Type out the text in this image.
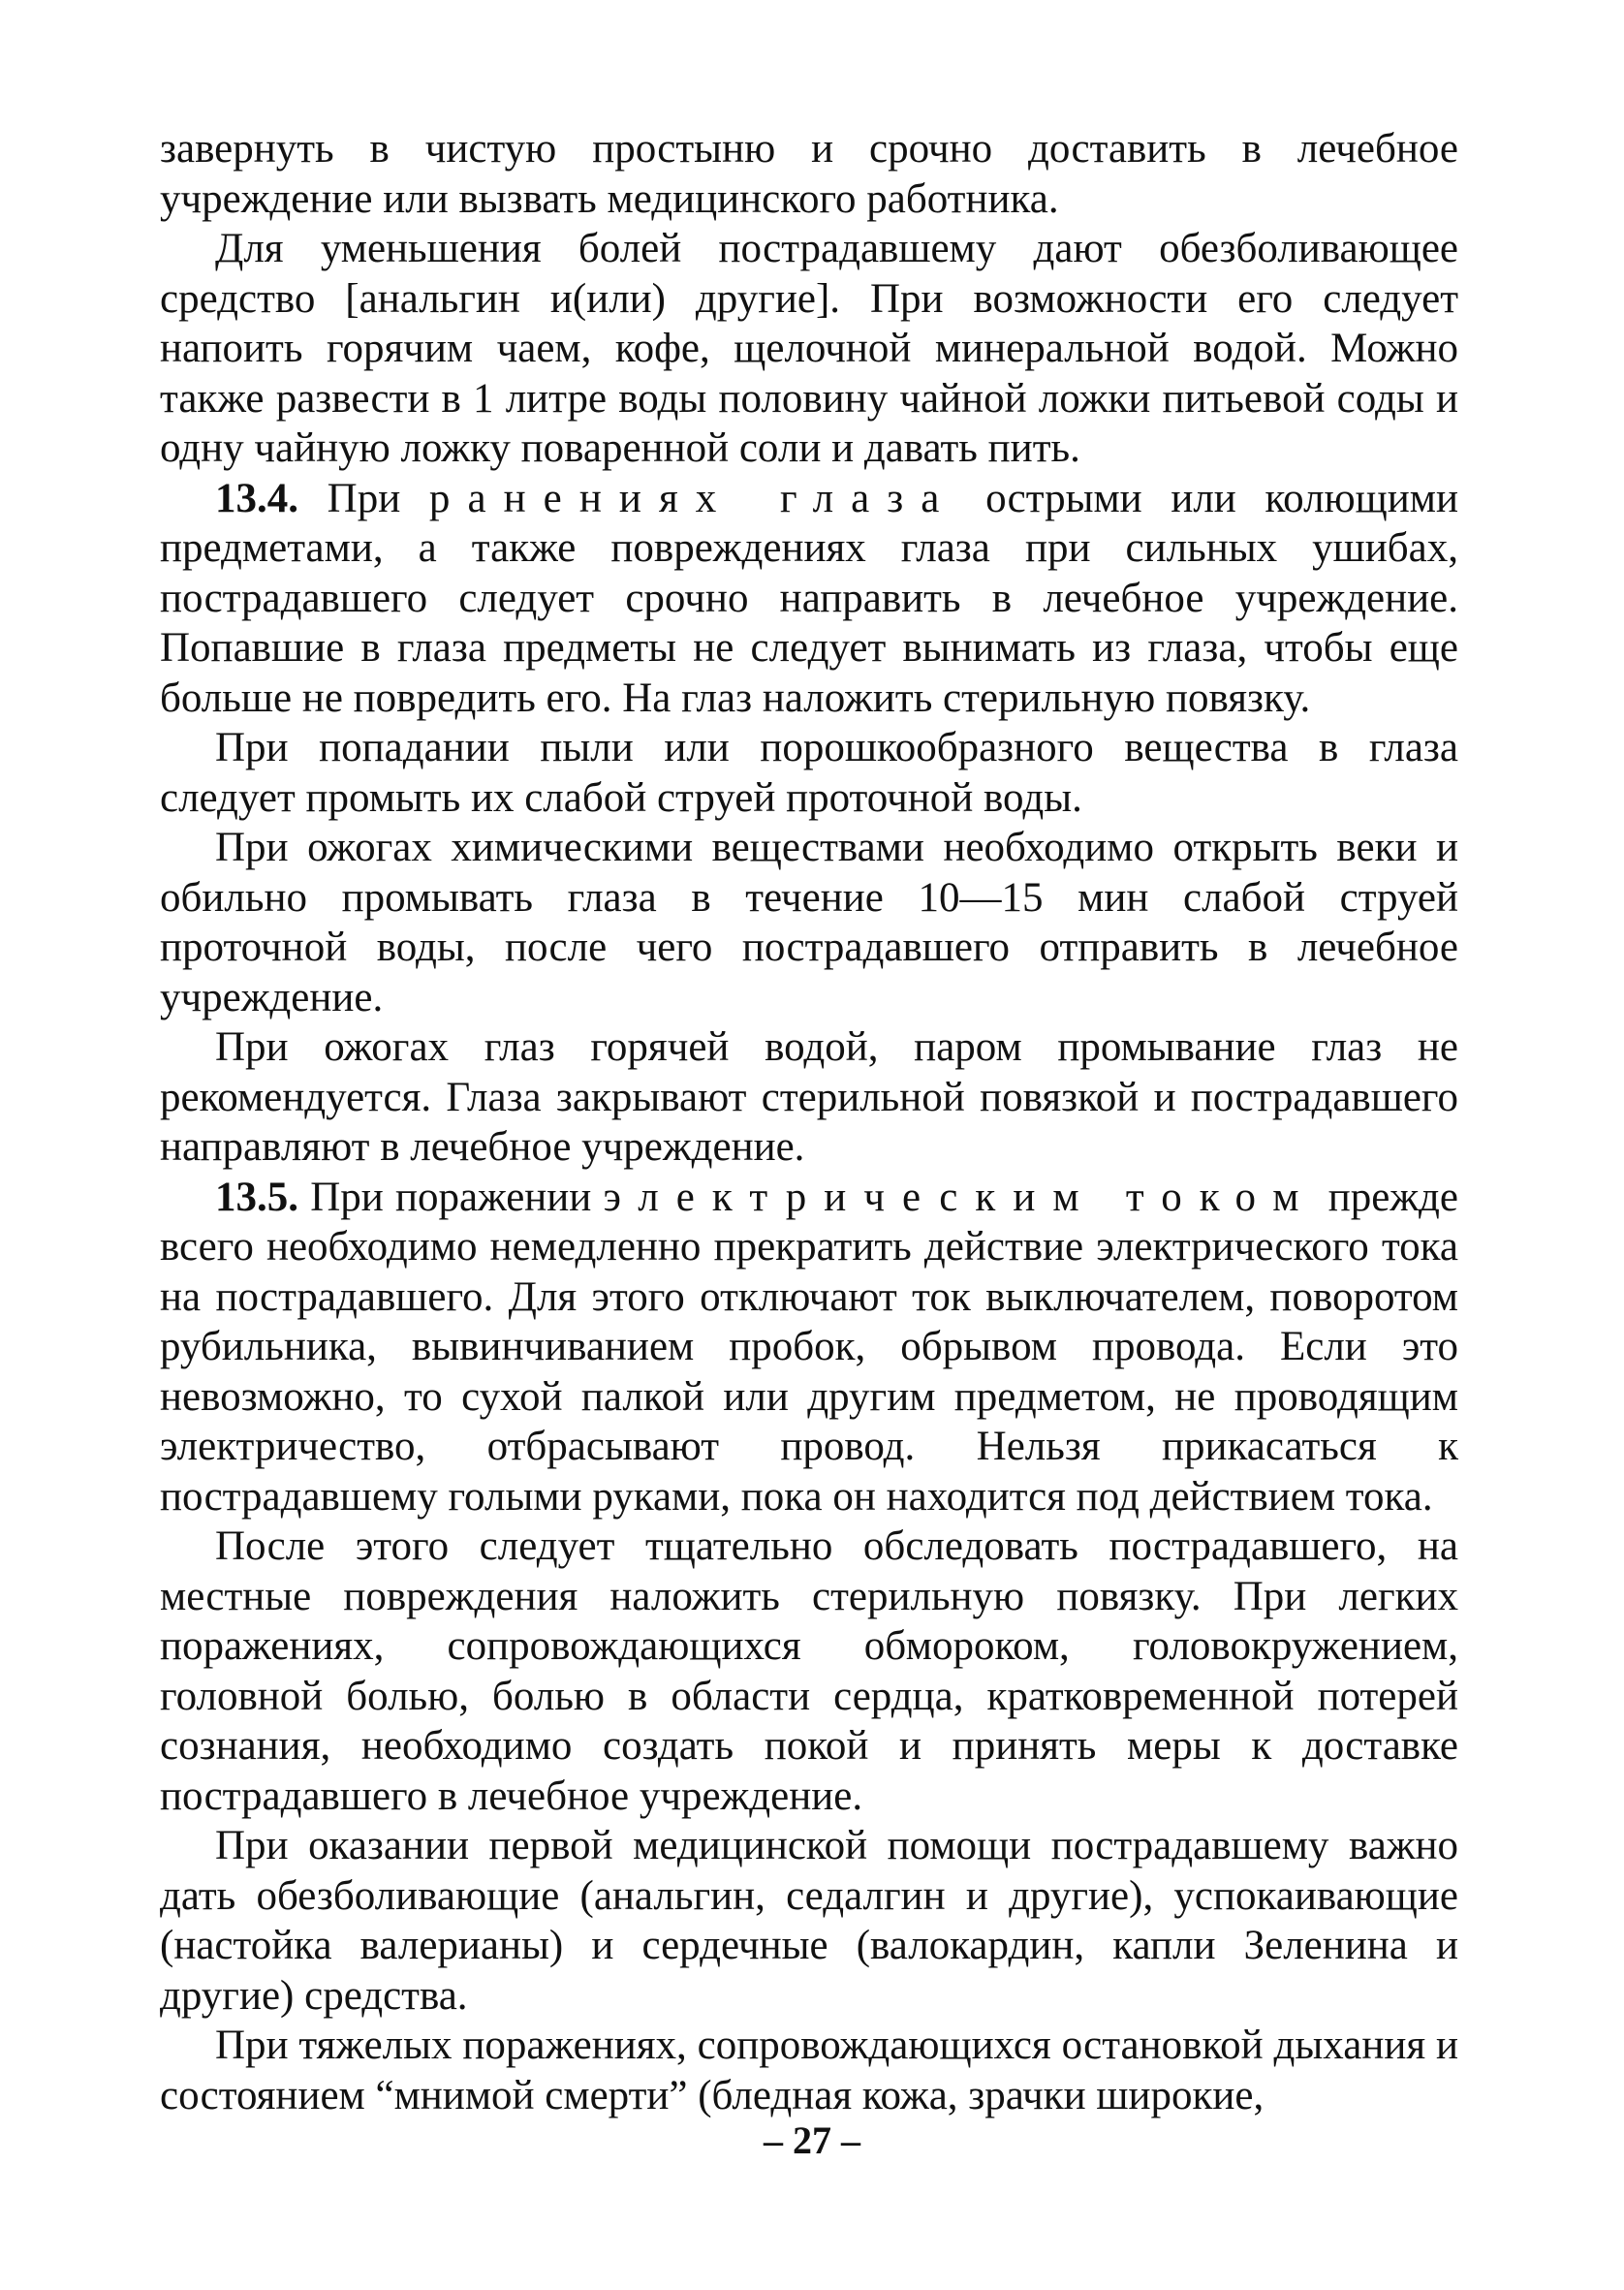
завернуть в чистую простыню и срочно доставить в лечебное учреждение или вызвать медицинского работника.

Для уменьшения болей пострадавшему дают обезболивающее средство [анальгин и(или) другие]. При возможности его следует напоить горячим чаем, кофе, щелочной минеральной водой. Можно также развести в 1 литре воды половину чайной ложки питьевой соды и одну чайную ложку поваренной соли и давать пить.

13.4. При ранениях глаза острыми или колющими предметами, а также повреждениях глаза при сильных ушибах, пострадавшего следует срочно направить в лечебное учреждение. Попавшие в глаза предметы не следует вынимать из глаза, чтобы еще больше не повредить его. На глаз наложить стерильную повязку.

При попадании пыли или порошкообразного вещества в глаза следует промыть их слабой струей проточной воды.

При ожогах химическими веществами необходимо открыть веки и обильно промывать глаза в течение 10—15 мин слабой струей проточной воды, после чего пострадавшего отправить в лечебное учреждение.

При ожогах глаз горячей водой, паром промывание глаз не рекомендуется. Глаза закрывают стерильной повязкой и пострадавшего направляют в лечебное учреждение.

13.5. При поражении электрическим током прежде всего необходимо немедленно прекратить действие электрического тока на пострадавшего. Для этого отключают ток выключателем, поворотом рубильника, вывинчиванием пробок, обрывом провода. Если это невозможно, то сухой палкой или другим предметом, не проводящим электричество, отбрасывают провод. Нельзя прикасаться к пострадавшему голыми руками, пока он находится под действием тока.

После этого следует тщательно обследовать пострадавшего, на местные повреждения наложить стерильную повязку. При легких поражениях, сопровождающихся обмороком, головокружением, головной болью, болью в области сердца, кратковременной потерей сознания, необходимо создать покой и принять меры к доставке пострадавшего в лечебное учреждение.

При оказании первой медицинской помощи пострадавшему важно дать обезболивающие (анальгин, седалгин и другие), успокаивающие (настойка валерианы) и сердечные (валокардин, капли Зеленина и другие) средства.

При тяжелых поражениях, сопровождающихся остановкой дыхания и состоянием “мнимой смерти” (бледная кожа, зрачки широкие,

– 27 –
